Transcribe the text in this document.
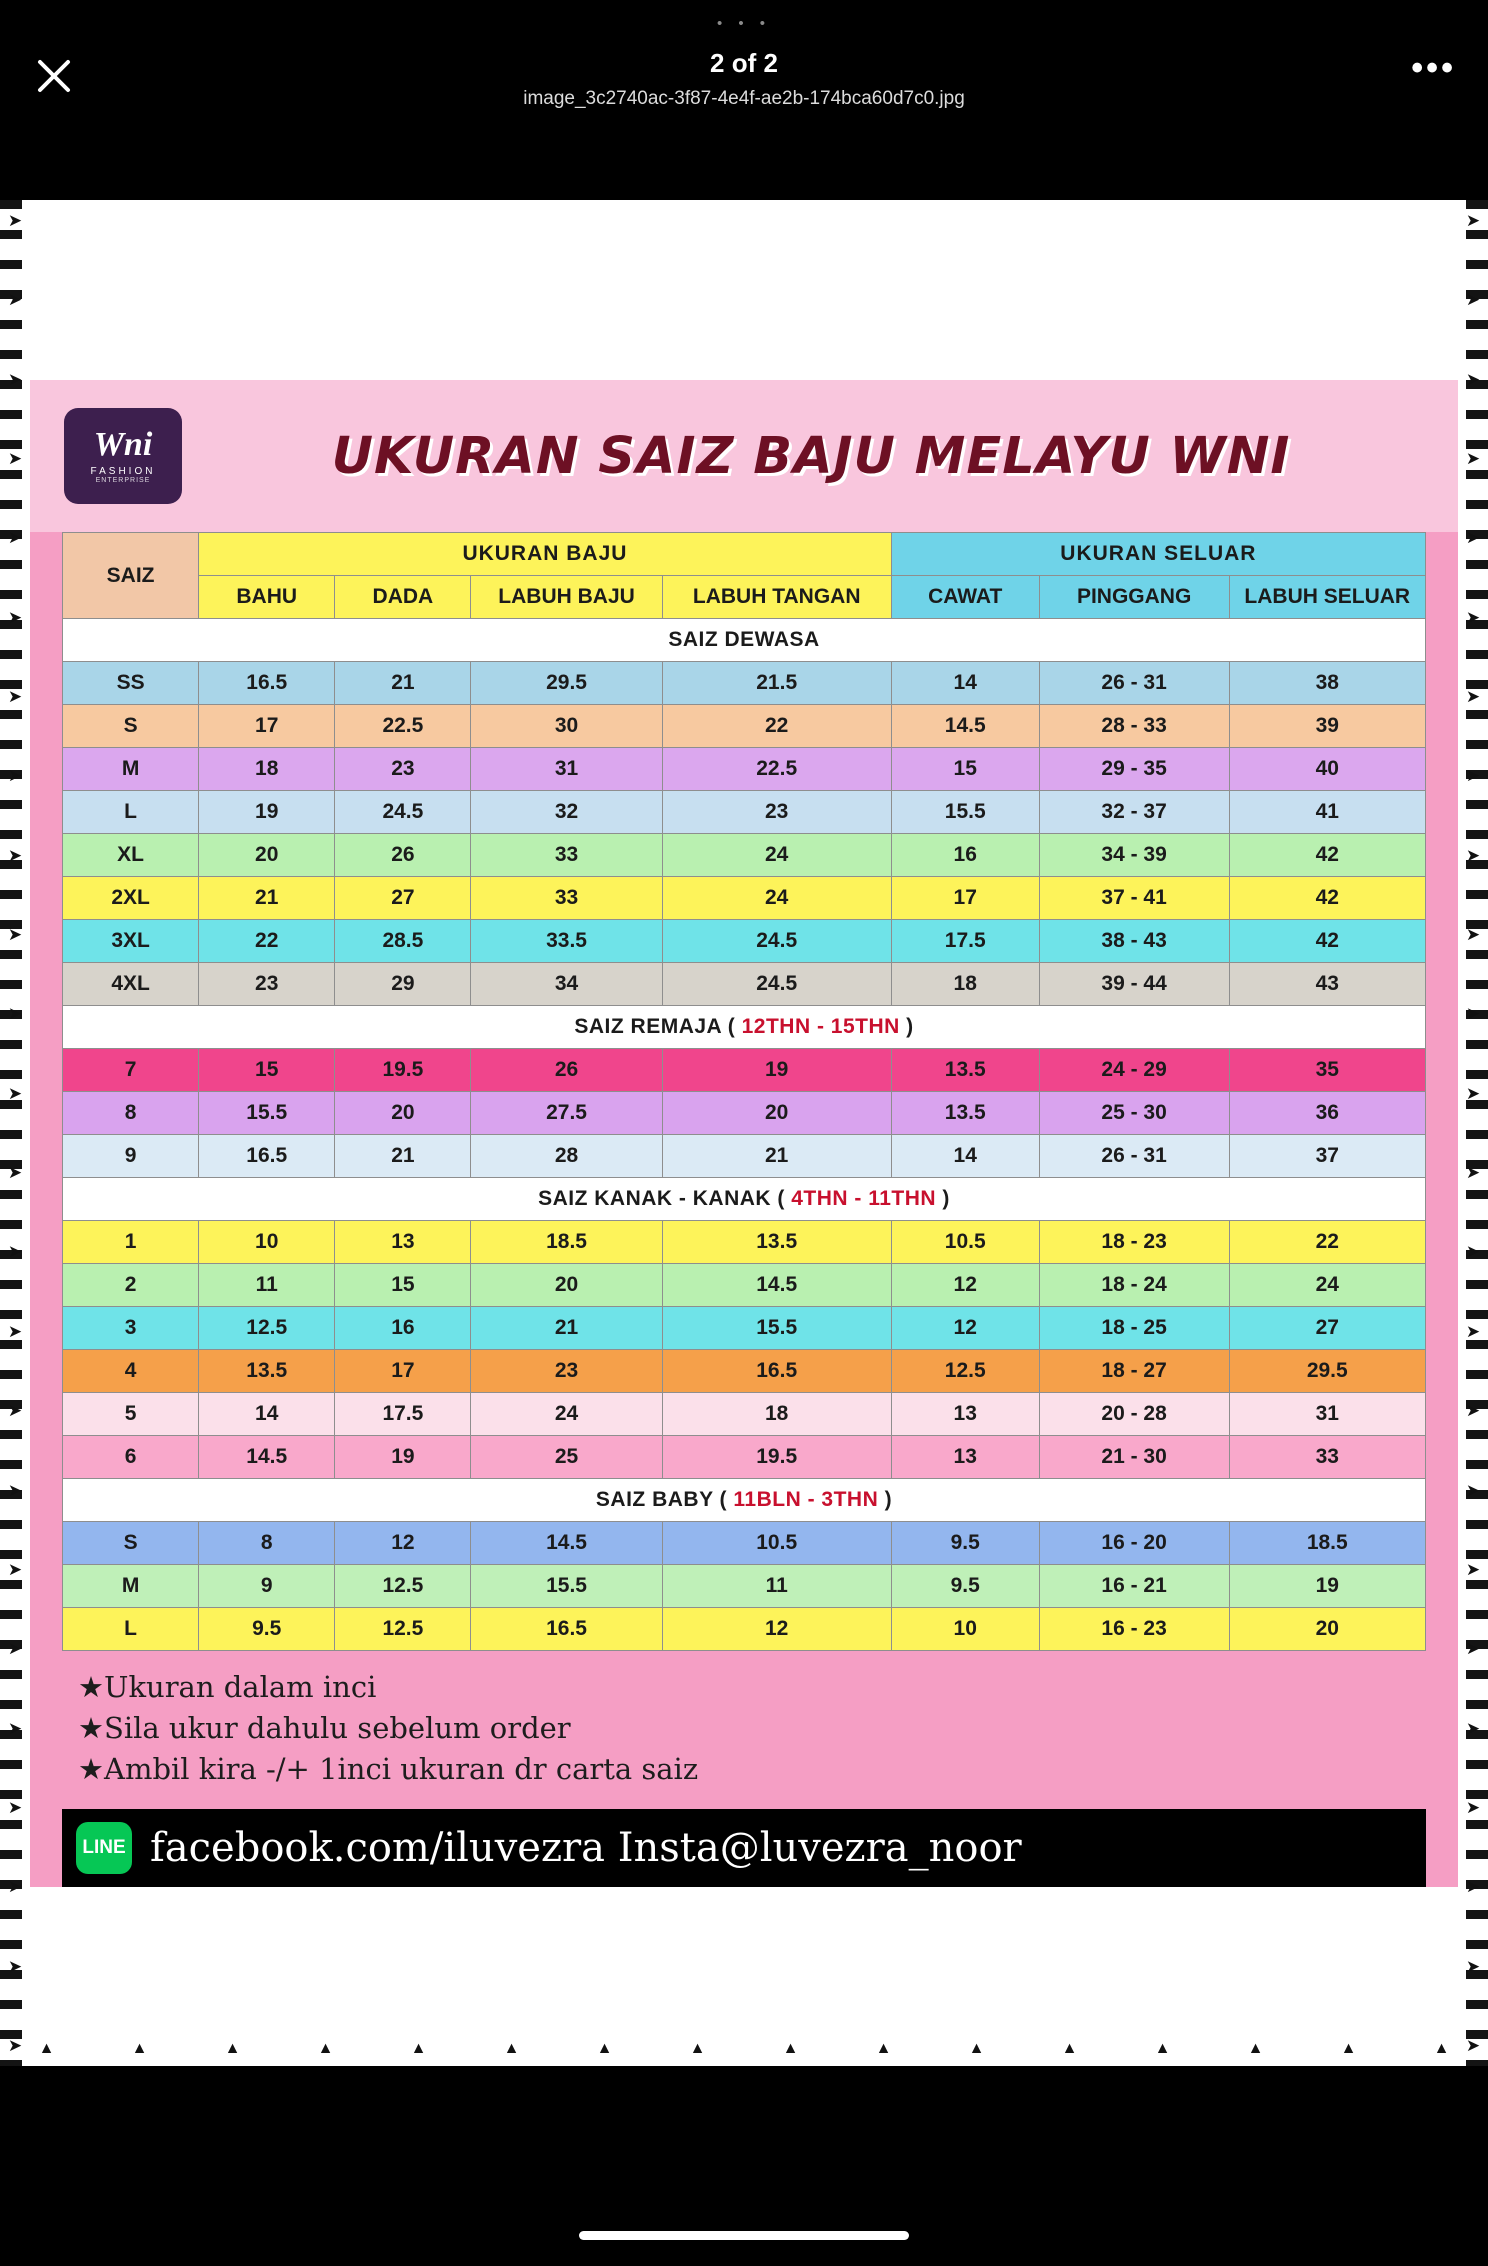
• • •
2 of 2
image_3c2740ac-3f87-4e4f-ae2b-174bca60d7c0.jpg
•••
➤
➤
➤
➤
➤
➤
➤
➤
➤
➤
➤
➤
➤
➤
➤
➤
➤
➤
➤
➤
➤
➤
➤
➤
➤
➤
➤
➤
➤
➤
➤
➤
➤
➤
➤
➤
➤
➤
➤
➤
➤
➤
➤
➤
➤
➤
➤
➤
Wni
FASHION
ENTERPRISE	UKURAN SAIZ BAJU MELAYU WNI
SAIZ	UKURAN BAJU				UKURAN SELUAR		
	BAHU	DADA	LABUH BAJU	LABUH TANGAN	CAWAT	PINGGANG	LABUH SELUAR
SAIZ DEWASA							
SS	16.5	21	29.5	21.5	14	26 - 31	38
S	17	22.5	30	22	14.5	28 - 33	39
M	18	23	31	22.5	15	29 - 35	40
L	19	24.5	32	23	15.5	32 - 37	41
XL	20	26	33	24	16	34 - 39	42
2XL	21	27	33	24	17	37 - 41	42
3XL	22	28.5	33.5	24.5	17.5	38 - 43	42
4XL	23	29	34	24.5	18	39 - 44	43
SAIZ REMAJA ( 12THN - 15THN )							
7	15	19.5	26	19	13.5	24 - 29	35
8	15.5	20	27.5	20	13.5	25 - 30	36
9	16.5	21	28	21	14	26 - 31	37
SAIZ KANAK - KANAK ( 4THN - 11THN )							
1	10	13	18.5	13.5	10.5	18 - 23	22
2	11	15	20	14.5	12	18 - 24	24
3	12.5	16	21	15.5	12	18 - 25	27
4	13.5	17	23	16.5	12.5	18 - 27	29.5
5	14	17.5	24	18	13	20 - 28	31
6	14.5	19	25	19.5	13	21 - 30	33
SAIZ BABY ( 11BLN - 3THN )							
S	8	12	14.5	10.5	9.5	16 - 20	18.5
M	9	12.5	15.5	11	9.5	16 - 21	19
L	9.5	12.5	16.5	12	10	16 - 23	20
★Ukuran dalam inci
★Sila ukur dahulu sebelum order
★Ambil kira -/+ 1inci ukuran dr carta saiz
LINE facebook.com/iluvezra Insta@luvezra_noor
▲	▲	▲	▲	▲	▲	▲	▲	▲	▲	▲	▲	▲	▲	▲	▲
